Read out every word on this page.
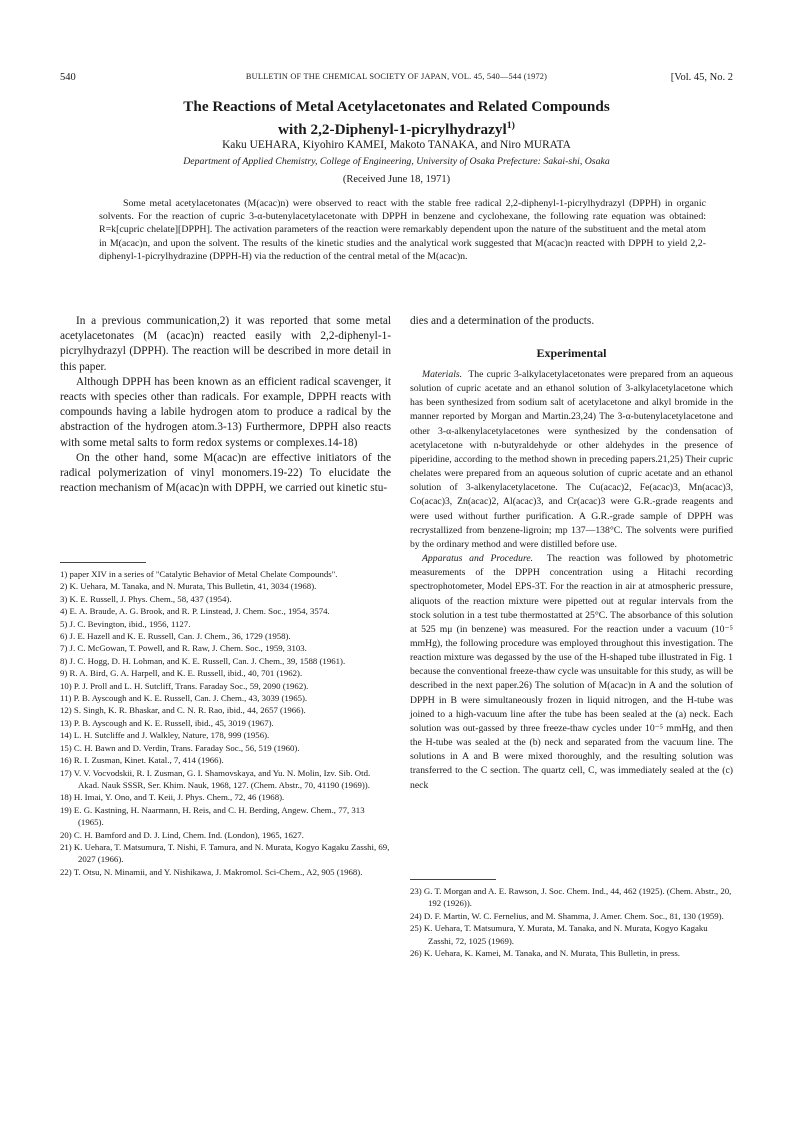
540	BULLETIN OF THE CHEMICAL SOCIETY OF JAPAN, VOL. 45, 540—544 (1972)	[Vol. 45, No. 2
The Reactions of Metal Acetylacetonates and Related Compounds
with 2,2-Diphenyl-1-picrylhydrazyl$^{1)}$
Kaku UEHARA, Kiyohiro KAMEI, Makoto TANAKA, and Niro MURATA
Department of Applied Chemistry, College of Engineering, University of Osaka Prefecture: Sakai-shi, Osaka
(Received June 18, 1971)

Some metal acetylacetonates (M(acac)n) were observed to react with the stable free radical 2,2-diphenyl-1-picrylhydrazyl (DPPH) in organic solvents. For the reaction of cupric 3-α-butenylacetylacetonate with DPPH in benzene and cyclohexane, the following rate equation was obtained: R=k[cupric chelate][DPPH]. The activation parameters of the reaction were remarkably dependent upon the nature of the substituent and the metal atom in M(acac)n, and upon the solvent. The results of the kinetic studies and the analytical work suggested that M(acac)n reacted with DPPH to yield 2,2-diphenyl-1-picrylhydrazine (DPPH-H) via the reduction of the central metal of the M(acac)n.

In a previous communication,2) it was reported that some metal acetylacetonates (M (acac)n) reacted easily with 2,2-diphenyl-1-picrylhydrazyl (DPPH). The reaction will be described in more detail in this paper.

Although DPPH has been known as an efficient radical scavenger, it reacts with species other than radicals. For example, DPPH reacts with compounds having a labile hydrogen atom to produce a radical by the abstraction of the hydrogen atom.3-13) Furthermore, DPPH also reacts with some metal salts to form redox systems or complexes.14-18)

On the other hand, some M(acac)n are effective initiators of the radical polymerization of vinyl monomers.19-22) To elucidate the reaction mechanism of M(acac)n with DPPH, we carried out kinetic stu-

1) paper XIV in a series of "Catalytic Behavior of Metal Chelate Compounds".

2) K. Uehara, M. Tanaka, and N. Murata, This Bulletin, 41, 3034 (1968).

3) K. E. Russell, J. Phys. Chem., 58, 437 (1954).

4) E. A. Braude, A. G. Brook, and R. P. Linstead, J. Chem. Soc., 1954, 3574.

5) J. C. Bevington, ibid., 1956, 1127.

6) J. E. Hazell and K. E. Russell, Can. J. Chem., 36, 1729 (1958).

7) J. C. McGowan, T. Powell, and R. Raw, J. Chem. Soc., 1959, 3103.

8) J. C. Hogg, D. H. Lohman, and K. E. Russell, Can. J. Chem., 39, 1588 (1961).

9) R. A. Bird, G. A. Harpell, and K. E. Russell, ibid., 40, 701 (1962).

10) P. J. Proll and L. H. Sutcliff, Trans. Faraday Soc., 59, 2090 (1962).

11) P. B. Ayscough and K. E. Russell, Can. J. Chem., 43, 3039 (1965).

12) S. Singh, K. R. Bhaskar, and C. N. R. Rao, ibid., 44, 2657 (1966).

13) P. B. Ayscough and K. E. Russell, ibid., 45, 3019 (1967).

14) L. H. Sutcliffe and J. Walkley, Nature, 178, 999 (1956).

15) C. H. Bawn and D. Verdin, Trans. Faraday Soc., 56, 519 (1960).

16) R. I. Zusman, Kinet. Katal., 7, 414 (1966).

17) V. V. Vocvodskii, R. I. Zusman, G. I. Shamovskaya, and Yu. N. Molin, Izv. Sib. Otd. Akad. Nauk SSSR, Ser. Khim. Nauk, 1968, 127. (Chem. Abstr., 70, 41190 (1969)).

18) H. Imai, Y. Ono, and T. Keii, J. Phys. Chem., 72, 46 (1968).

19) E. G. Kastning, H. Naarmann, H. Reis, and C. H. Berding, Angew. Chem., 77, 313 (1965).

20) C. H. Bamford and D. J. Lind, Chem. Ind. (London), 1965, 1627.

21) K. Uehara, T. Matsumura, T. Nishi, F. Tamura, and N. Murata, Kogyo Kagaku Zasshi, 69, 2027 (1966).

22) T. Otsu, N. Minamii, and Y. Nishikawa, J. Makromol. Sci-Chem., A2, 905 (1968).

dies and a determination of the products.

Experimental

Materials. The cupric 3-alkylacetylacetonates were prepared from an aqueous solution of cupric acetate and an ethanol solution of 3-alkylacetylacetone which has been synthesized from sodium salt of acetylacetone and alkyl bromide in the manner reported by Morgan and Martin.23,24) The 3-α-butenylacetylacetone and other 3-α-alkenylacetylacetones were synthesized by the condensation of acetylacetone with n-butyraldehyde or other aldehydes in the presence of piperidine, according to the method shown in preceding papers.21,25) Their cupric chelates were prepared from an aqueous solution of cupric acetate and an ethanol solution of 3-alkenylacetylacetone. The Cu(acac)2, Fe(acac)3, Mn(acac)3, Co(acac)3, Zn(acac)2, Al(acac)3, and Cr(acac)3 were G.R.-grade reagents and were used without further purification. A G.R.-grade sample of DPPH was recrystallized from benzene-ligroin; mp 137—138°C. The solvents were purified by the ordinary method and were distilled before use.

Apparatus and Procedure. The reaction was followed by photometric measurements of the DPPH concentration using a Hitachi recording spectrophotometer, Model EPS-3T. For the reaction in air at atmospheric pressure, aliquots of the reaction mixture were pipetted out at regular intervals from the stock solution in a test tube thermostatted at 25°C. The absorbance of this solution at 525 mμ (in benzene) was measured. For the reaction under a vacuum (10⁻⁵ mmHg), the following procedure was employed throughout this investigation. The reaction mixture was degassed by the use of the H-shaped tube illustrated in Fig. 1 because the conventional freeze-thaw cycle was unsuitable for this study, as will be described in the next paper.26) The solution of M(acac)n in A and the solution of DPPH in B were simultaneously frozen in liquid nitrogen, and the H-tube was joined to a high-vacuum line after the tube has been sealed at the (a) neck. Each solution was out-gassed by three freeze-thaw cycles under 10⁻⁵ mmHg, and then the H-tube was sealed at the (b) neck and separated from the vacuum line. The solutions in A and B were mixed thoroughly, and the resulting solution was transferred to the C section. The quartz cell, C, was immediately sealed at the (c) neck

23) G. T. Morgan and A. E. Rawson, J. Soc. Chem. Ind., 44, 462 (1925). (Chem. Abstr., 20, 192 (1926)).

24) D. F. Martin, W. C. Fernelius, and M. Shamma, J. Amer. Chem. Soc., 81, 130 (1959).

25) K. Uehara, T. Matsumura, Y. Murata, M. Tanaka, and N. Murata, Kogyo Kagaku Zasshi, 72, 1025 (1969).

26) K. Uehara, K. Kamei, M. Tanaka, and N. Murata, This Bulletin, in press.
